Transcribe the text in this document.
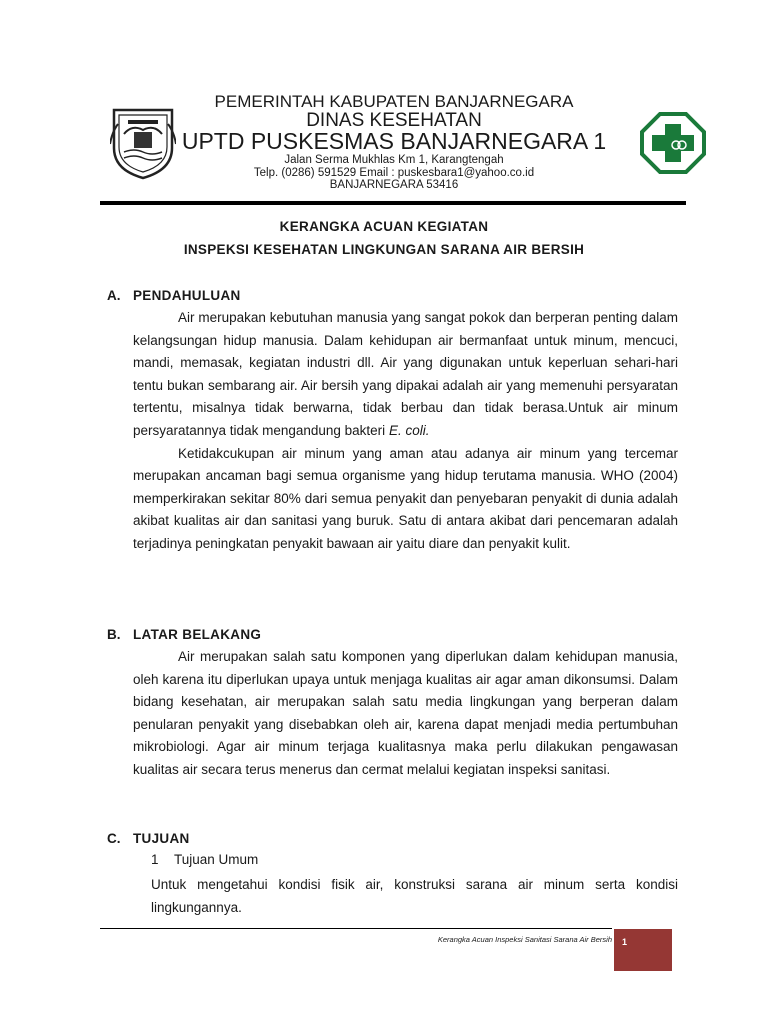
PEMERINTAH KABUPATEN BANJARNEGARA
DINAS KESEHATAN
UPTD PUSKESMAS BANJARNEGARA 1
Jalan Serma Mukhlas Km 1, Karangtengah
Telp. (0286) 591529 Email : puskesbara1@yahoo.co.id
BANJARNEGARA 53416
KERANGKA ACUAN KEGIATAN
INSPEKSI KESEHATAN LINGKUNGAN SARANA AIR BERSIH
A. PENDAHULUAN

Air merupakan kebutuhan manusia yang sangat pokok dan berperan penting dalam kelangsungan hidup manusia. Dalam kehidupan air bermanfaat untuk minum, mencuci, mandi, memasak, kegiatan industri dll. Air yang digunakan untuk keperluan sehari-hari tentu bukan sembarang air. Air bersih yang dipakai adalah air yang memenuhi persyaratan tertentu, misalnya tidak berwarna, tidak berbau dan tidak berasa.Untuk air minum persyaratannya tidak mengandung bakteri E. coli.

Ketidakcukupan air minum yang aman atau adanya air minum yang tercemar merupakan ancaman bagi semua organisme yang hidup terutama manusia. WHO (2004) memperkirakan sekitar 80% dari semua penyakit dan penyebaran penyakit di dunia adalah akibat kualitas air dan sanitasi yang buruk. Satu di antara akibat dari pencemaran adalah terjadinya peningkatan penyakit bawaan air yaitu diare dan penyakit kulit.

B. LATAR BELAKANG

Air merupakan salah satu komponen yang diperlukan dalam kehidupan manusia, oleh karena itu diperlukan upaya untuk menjaga kualitas air agar aman dikonsumsi. Dalam bidang kesehatan, air merupakan salah satu media lingkungan yang berperan dalam penularan penyakit yang disebabkan oleh air, karena dapat menjadi media pertumbuhan mikrobiologi. Agar air minum terjaga kualitasnya maka perlu dilakukan pengawasan kualitas air secara terus menerus dan cermat melalui kegiatan inspeksi sanitasi.

C. TUJUAN
1 Tujuan Umum
Untuk mengetahui kondisi fisik air, konstruksi sarana air minum serta kondisi lingkungannya.
Kerangka Acuan Inspeksi Sanitasi Sarana Air Bersih 1
